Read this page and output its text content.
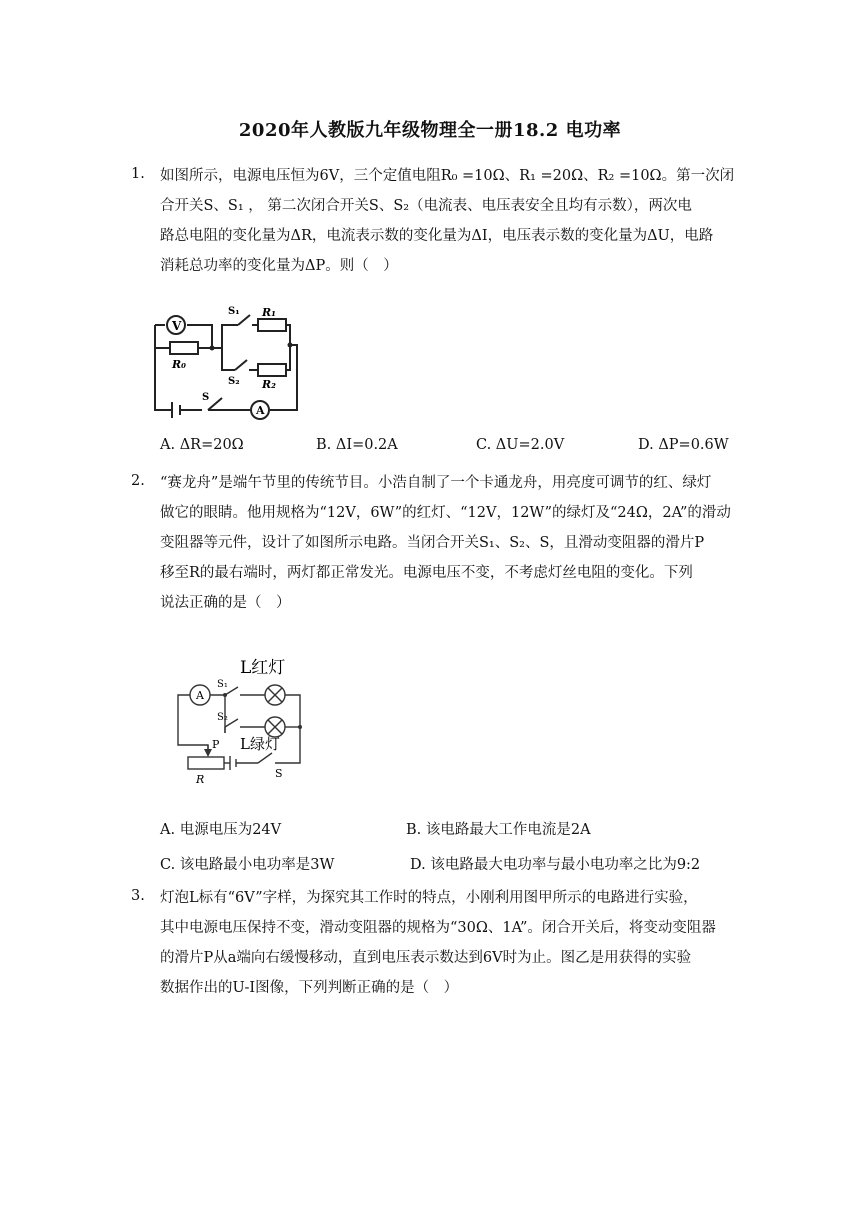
2020年人教版九年级物理全一册18.2 电功率
1. 如图所示，电源电压恒为6V，三个定值电阻R₀ =10Ω、R₁ =20Ω、R₂ =10Ω。第一次闭
合开关S、S₁ ， 第二次闭合开关S、S₂（电流表、电压表安全且均有示数），两次电
路总电阻的变化量为ΔR，电流表示数的变化量为ΔI，电压表示数的变化量为ΔU，电路
消耗总功率的变化量为ΔP。则（　）
V
A
R₀
R₁
R₂
S₁
S₂
S
A. ΔR=20Ω	B. ΔI=0.2A	C. ΔU=2.0V	D. ΔP=0.6W
2. “赛龙舟”是端午节里的传统节目。小浩自制了一个卡通龙舟，用亮度可调节的红、绿灯
做它的眼睛。他用规格为“12V，6W”的红灯、“12V，12W”的绿灯及“24Ω，2A”的滑动
变阻器等元件，设计了如图所示电路。当闭合开关S₁、S₂、S，且滑动变阻器的滑片P
移至R的最右端时，两灯都正常发光。电源电压不变，不考虑灯丝电阻的变化。下列
说法正确的是（　）
L红灯
L绿灯
A
S₁
S₂
S
P
R
A. 电源电压为24V	B. 该电路最大工作电流是2A
C. 该电路最小电功率是3W	D. 该电路最大电功率与最小电功率之比为9:2
3. 灯泡L标有“6V”字样，为探究其工作时的特点，小刚利用图甲所示的电路进行实验，
其中电源电压保持不变，滑动变阻器的规格为“30Ω、1A”。闭合开关后，将变动变阻器
的滑片P从a端向右缓慢移动，直到电压表示数达到6V时为止。图乙是用获得的实验
数据作出的U-I图像，下列判断正确的是（　）
